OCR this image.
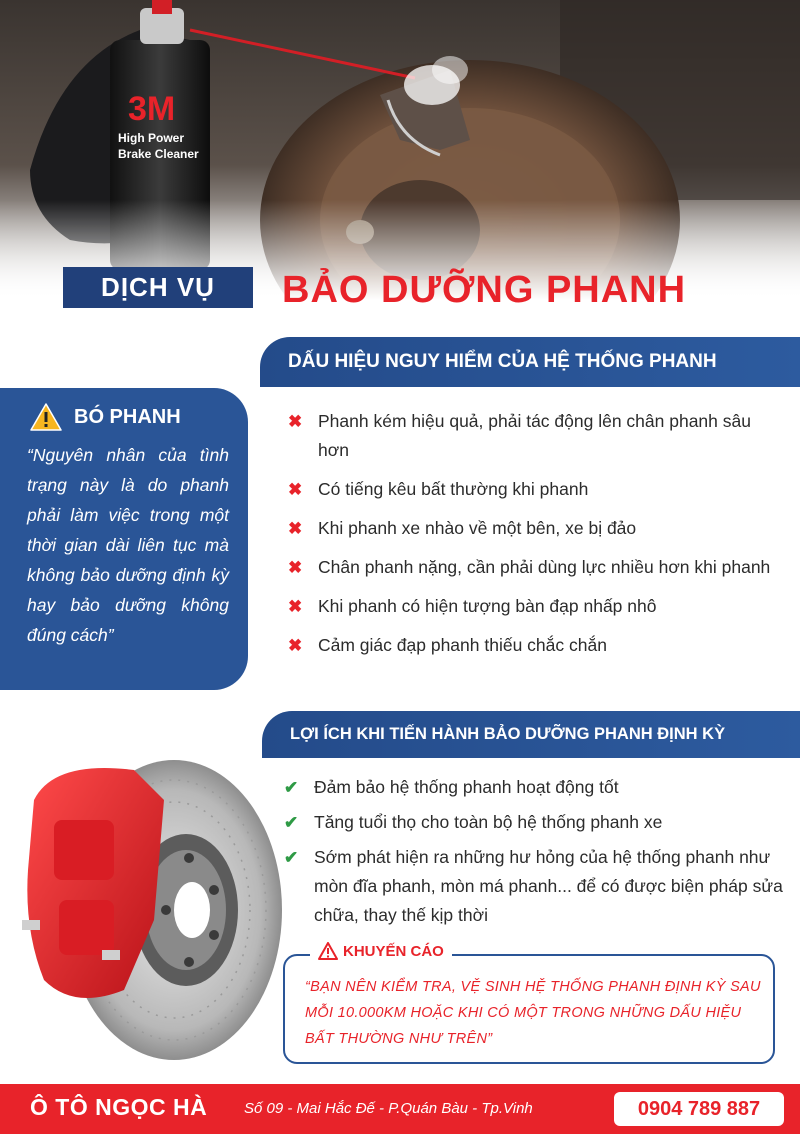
3M
High Power
Brake Cleaner
DỊCH VỤ	BẢO DƯỠNG PHANH
DẤU HIỆU NGUY HIỂM CỦA HỆ THỐNG PHANH
BÓ PHANH

“Nguyên nhân của tình trạng này là do phanh phải làm việc trong một thời gian dài liên tục mà không bảo dưỡng định kỳ hay bảo dưỡng không đúng cách”

✖ Phanh kém hiệu quả, phải tác động lên chân phanh sâu hơn
✖ Có tiếng kêu bất thường khi phanh
✖ Khi phanh xe nhào về một bên, xe bị đảo
✖ Chân phanh nặng, cần phải dùng lực nhiều hơn khi phanh
✖ Khi phanh có hiện tượng bàn đạp nhấp nhô
✖ Cảm giác đạp phanh thiếu chắc chắn
LỢI ÍCH KHI TIẾN HÀNH BẢO DƯỠNG PHANH ĐỊNH KỲ
✔ Đảm bảo hệ thống phanh hoạt động tốt
✔ Tăng tuổi thọ cho toàn bộ hệ thống phanh xe
✔ Sớm phát hiện ra những hư hỏng của hệ thống phanh như mòn đĩa phanh, mòn má phanh... để có được biện pháp sửa chữa, thay thế kịp thời
KHUYẾN CÁO

“BẠN NÊN KIỂM TRA, VỆ SINH HỆ THỐNG PHANH ĐỊNH KỲ SAU MỖI 10.000KM HOẶC KHI CÓ MỘT TRONG NHỮNG DẤU HIỆU BẤT THƯỜNG NHƯ TRÊN”

Ô TÔ NGỌC HÀ Số 09 - Mai Hắc Đế - P.Quán Bàu - Tp.Vinh	0904 789 887
